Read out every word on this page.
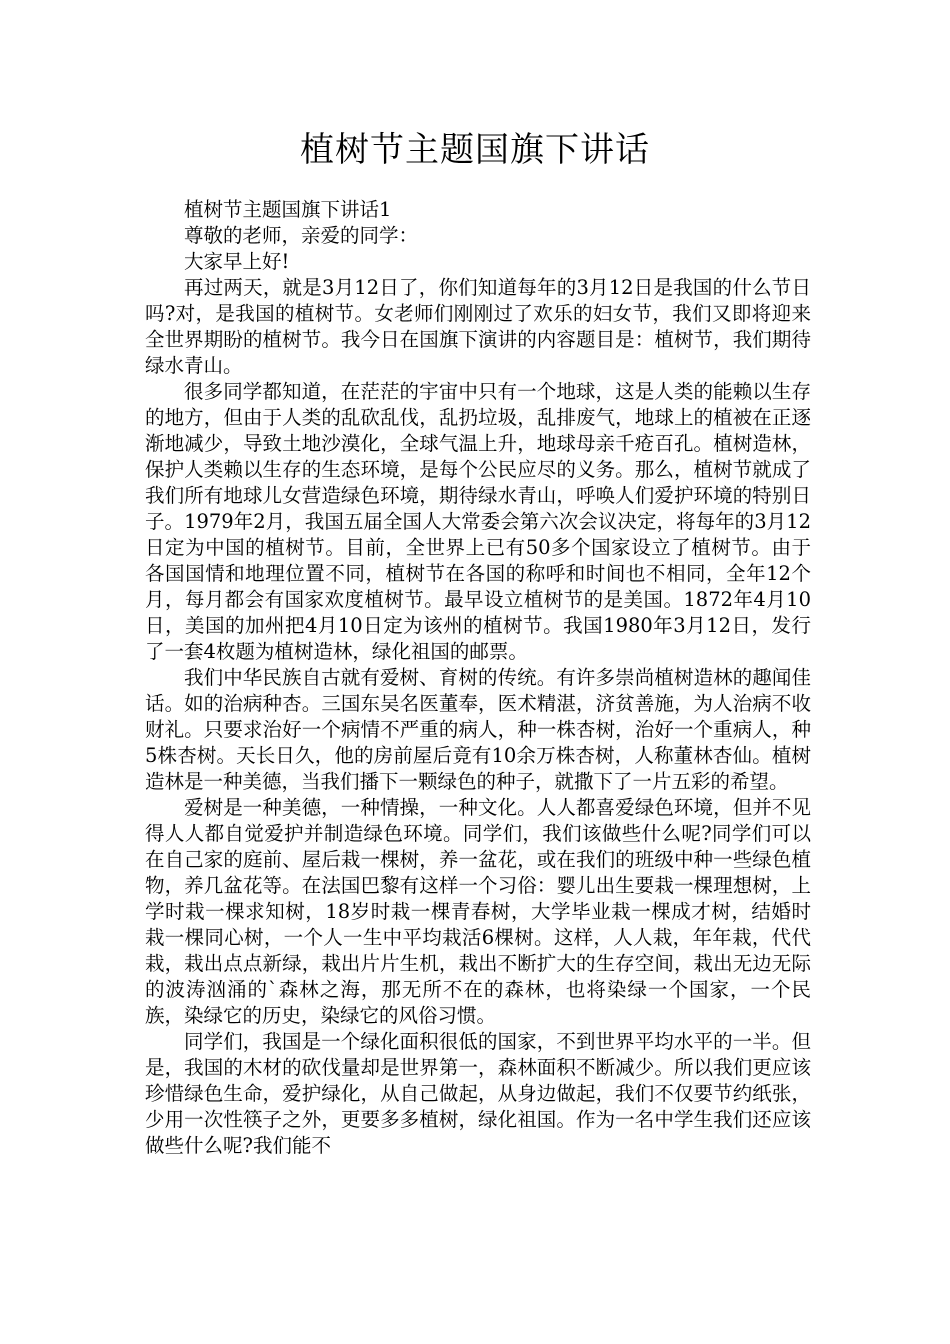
植树节主题国旗下讲话

植树节主题国旗下讲话1

尊敬的老师，亲爱的同学：

大家早上好!

再过两天，就是3月12日了，你们知道每年的3月12日是我国的什么节日吗?对，是我国的植树节。女老师们刚刚过了欢乐的妇女节，我们又即将迎来全世界期盼的植树节。我今日在国旗下演讲的内容题目是：植树节，我们期待绿水青山。

很多同学都知道，在茫茫的宇宙中只有一个地球，这是人类的能赖以生存的地方，但由于人类的乱砍乱伐，乱扔垃圾，乱排废气，地球上的植被在正逐渐地减少，导致土地沙漠化，全球气温上升，地球母亲千疮百孔。植树造林，保护人类赖以生存的生态环境，是每个公民应尽的义务。那么，植树节就成了我们所有地球儿女营造绿色环境，期待绿水青山，呼唤人们爱护环境的特别日子。1979年2月，我国五届全国人大常委会第六次会议决定，将每年的3月12日定为中国的植树节。目前，全世界上已有50多个国家设立了植树节。由于各国国情和地理位置不同，植树节在各国的称呼和时间也不相同，全年12个月，每月都会有国家欢度植树节。最早设立植树节的是美国。1872年4月10日，美国的加州把4月10日定为该州的植树节。我国1980年3月12日，发行了一套4枚题为植树造林，绿化祖国的邮票。

我们中华民族自古就有爱树、育树的传统。有许多崇尚植树造林的趣闻佳话。如的治病种杏。三国东吴名医董奉，医术精湛，济贫善施，为人治病不收财礼。只要求治好一个病情不严重的病人，种一株杏树，治好一个重病人，种5株杏树。天长日久，他的房前屋后竟有10余万株杏树，人称董林杏仙。植树造林是一种美德，当我们播下一颗绿色的种子，就撒下了一片五彩的希望。

爱树是一种美德，一种情操，一种文化。人人都喜爱绿色环境，但并不见得人人都自觉爱护并制造绿色环境。同学们，我们该做些什么呢?同学们可以在自己家的庭前、屋后栽一棵树，养一盆花，或在我们的班级中种一些绿色植物，养几盆花等。在法国巴黎有这样一个习俗：婴儿出生要栽一棵理想树，上学时栽一棵求知树，18岁时栽一棵青春树，大学毕业栽一棵成才树，结婚时栽一棵同心树，一个人一生中平均栽活6棵树。这样，人人栽，年年栽，代代栽，栽出点点新绿，栽出片片生机，栽出不断扩大的生存空间，栽出无边无际的波涛汹涌的`森林之海，那无所不在的森林，也将染绿一个国家，一个民族，染绿它的历史，染绿它的风俗习惯。

同学们，我国是一个绿化面积很低的国家，不到世界平均水平的一半。但是，我国的木材的砍伐量却是世界第一，森林面积不断减少。所以我们更应该珍惜绿色生命，爱护绿化，从自己做起，从身边做起，我们不仅要节约纸张，少用一次性筷子之外，更要多多植树，绿化祖国。作为一名中学生我们还应该做些什么呢?我们能不
